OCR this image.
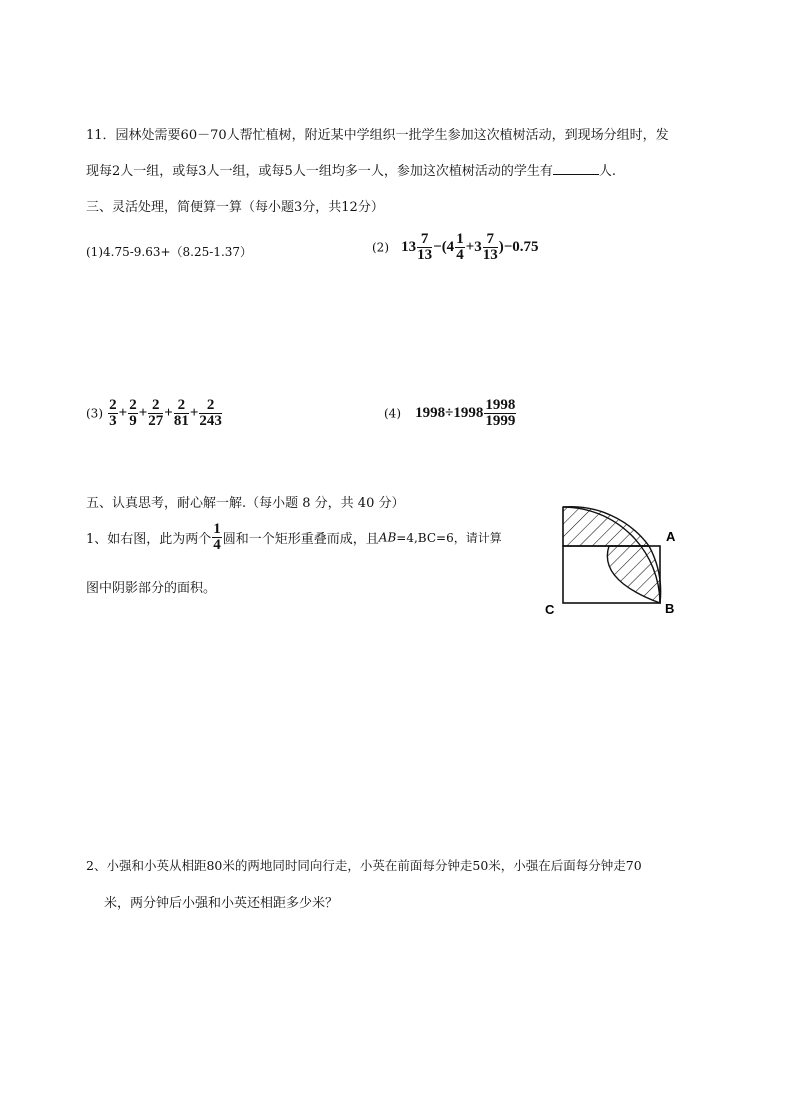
11．园林处需要60－70人帮忙植树，附近某中学组织一批学生参加这次植树活动，到现场分组时，发
现每2人一组，或每3人一组，或每5人一组均多一人，参加这次植树活动的学生有	人.
三、灵活处理，简便算一算（每小题3分，共12分）
(1)4.75-9.63+（8.25-1.37）	(2) $13 \frac{7}{13} -(4 \frac{1}{4} +3 \frac{7}{13} )-0.75$
$(3) \frac{2}{3} + \frac{2}{9} + \frac{2}{27} + \frac{2}{81} + \frac{2}{243}$	(4) $1998\div 1998 \frac{1998}{1999}$
五、认真思考，耐心解一解.（每小题 8 分，共 40 分）
1、如右图，此为两个 $\frac{1}{4}$ 圆和一个矩形重叠而成，且AB=4,BC=6，请计算
图中阴影部分的面积。
A
B
C
2、小强和小英从相距80米的两地同时同向行走，小英在前面每分钟走50米，小强在后面每分钟走70
米，两分钟后小强和小英还相距多少米？
